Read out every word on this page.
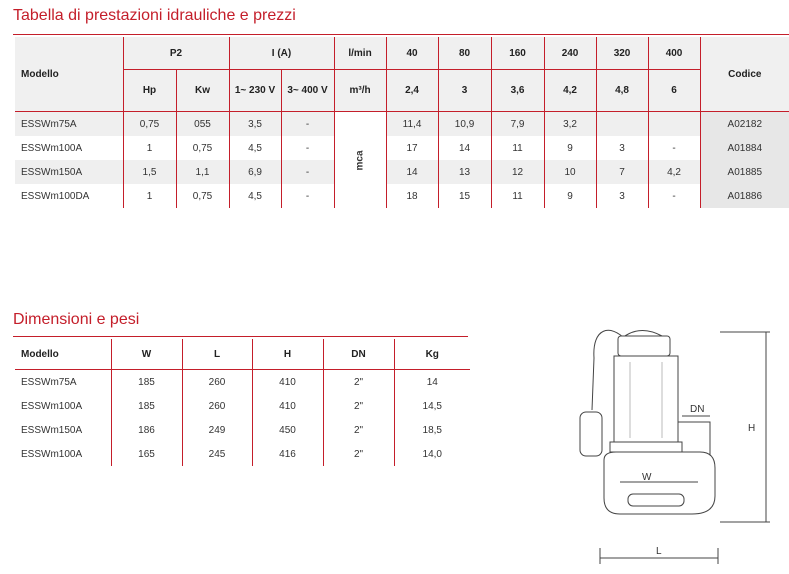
Tabella di prestazioni idrauliche e prezzi
Modello	P2		I (A)		l/min	40	80	160	240	320	400	Codice
	Hp	Kw	1~ 230 V	3~ 400 V	m³/h	2,4	3	3,6	4,2	4,8	6	
ESSWm75A	0,75	055	3,5	-	mca	11,4	10,9	7,9	3,2			A02182
ESSWm100A	1	0,75	4,5	-		17	14	11	9	3	-	A01884
ESSWm150A	1,5	1,1	6,9	-		14	13	12	10	7	4,2	A01885
ESSWm100DA	1	0,75	4,5	-		18	15	11	9	3	-	A01886
Dimensioni e pesi
Modello	W	L	H	DN	Kg
ESSWm75A	185	260	410	2"	14
ESSWm100A	185	260	410	2"	14,5
ESSWm150A	186	249	450	2"	18,5
ESSWm100A	165	245	416	2"	14,0
DN
W
H
L
